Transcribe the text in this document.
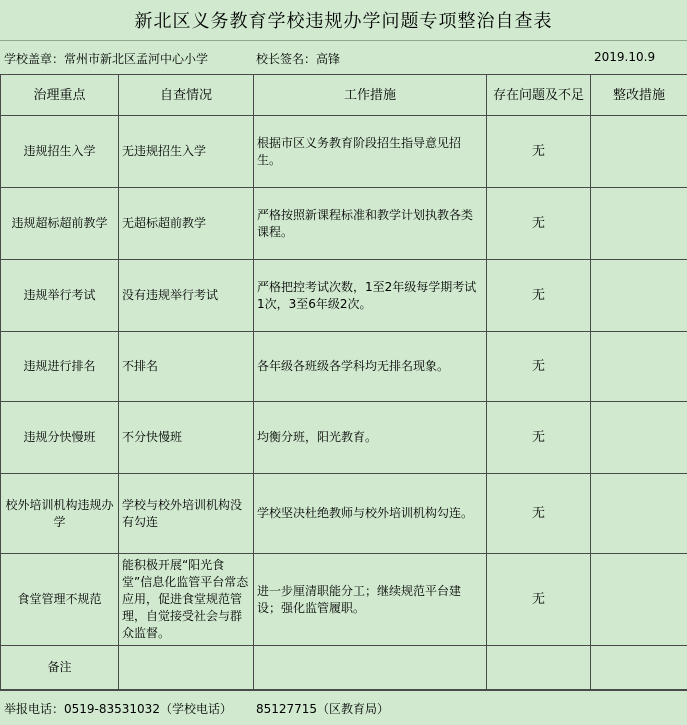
新北区义务教育学校违规办学问题专项整治自查表
学校盖章：常州市新北区孟河中心小学	校长签名：高锋	2019.10.9
治理重点	自查情况	工作措施	存在问题及不足	整改措施
违规招生入学	无违规招生入学	根据市区义务教育阶段招生指导意见招生。	无	
违规超标超前教学	无超标超前教学	严格按照新课程标准和教学计划执教各类课程。	无	
违规举行考试	没有违规举行考试	严格把控考试次数，1至2年级每学期考试1次，3至6年级2次。	无	
违规进行排名	不排名	各年级各班级各学科均无排名现象。	无	
违规分快慢班	不分快慢班	均衡分班，阳光教育。	无	
校外培训机构违规办学	学校与校外培训机构没有勾连	学校坚决杜绝教师与校外培训机构勾连。	无	
食堂管理不规范	能积极开展“阳光食堂”信息化监管平台常态应用，促进食堂规范管理，自觉接受社会与群众监督。	进一步厘清职能分工；继续规范平台建设；强化监管履职。	无	
备注				
举报电话：0519-83531032（学校电话） 85127715（区教育局）
